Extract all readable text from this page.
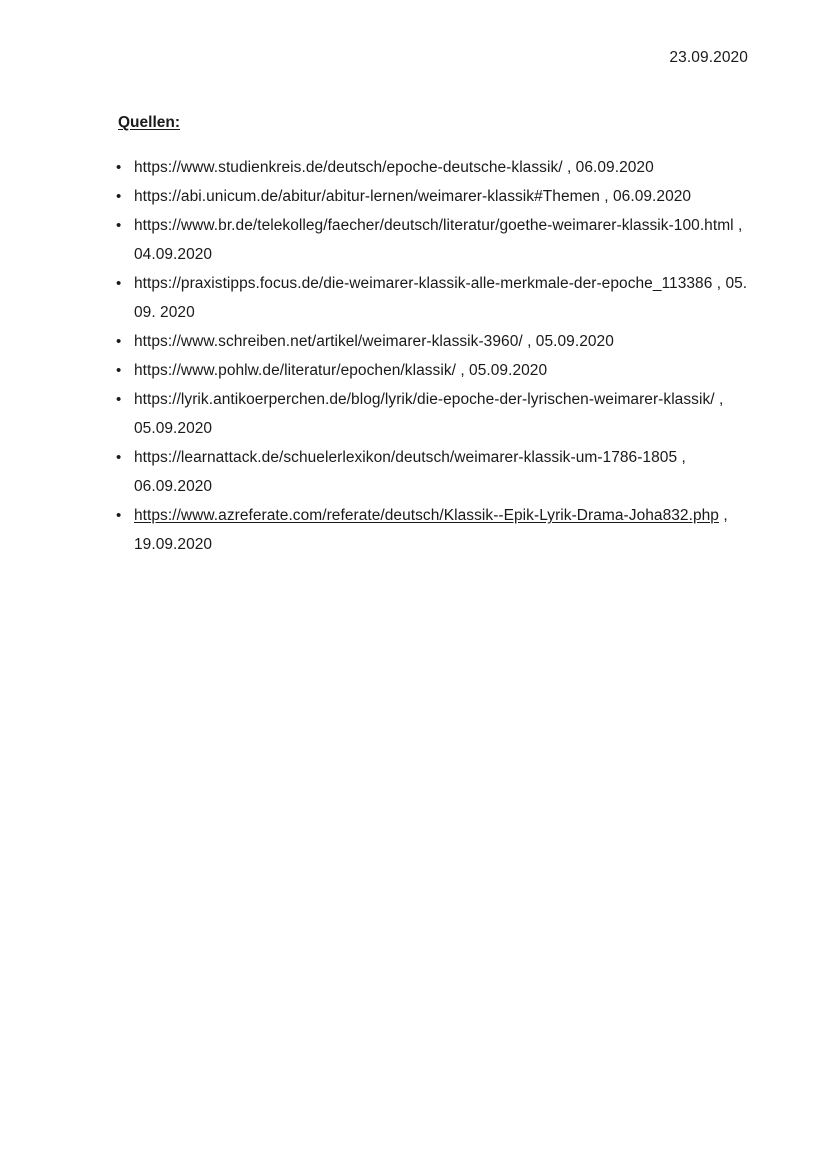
23.09.2020
Quellen:
• https://www.studienkreis.de/deutsch/epoche-deutsche-klassik/ , 06.09.2020
• https://abi.unicum.de/abitur/abitur-lernen/weimarer-klassik#Themen , 06.09.2020
• https://www.br.de/telekolleg/faecher/deutsch/literatur/goethe-weimarer-klassik-100.html , 04.09.2020
• https://praxistipps.focus.de/die-weimarer-klassik-alle-merkmale-der-epoche_113386 , 05. 09. 2020
• https://www.schreiben.net/artikel/weimarer-klassik-3960/ , 05.09.2020
• https://www.pohlw.de/literatur/epochen/klassik/ , 05.09.2020
• https://lyrik.antikoerperchen.de/blog/lyrik/die-epoche-der-lyrischen-weimarer-klassik/ , 05.09.2020
• https://learnattack.de/schuelerlexikon/deutsch/weimarer-klassik-um-1786-1805 , 06.09.2020
• https://www.azreferate.com/referate/deutsch/Klassik--Epik-Lyrik-Drama-Joha832.php , 19.09.2020
